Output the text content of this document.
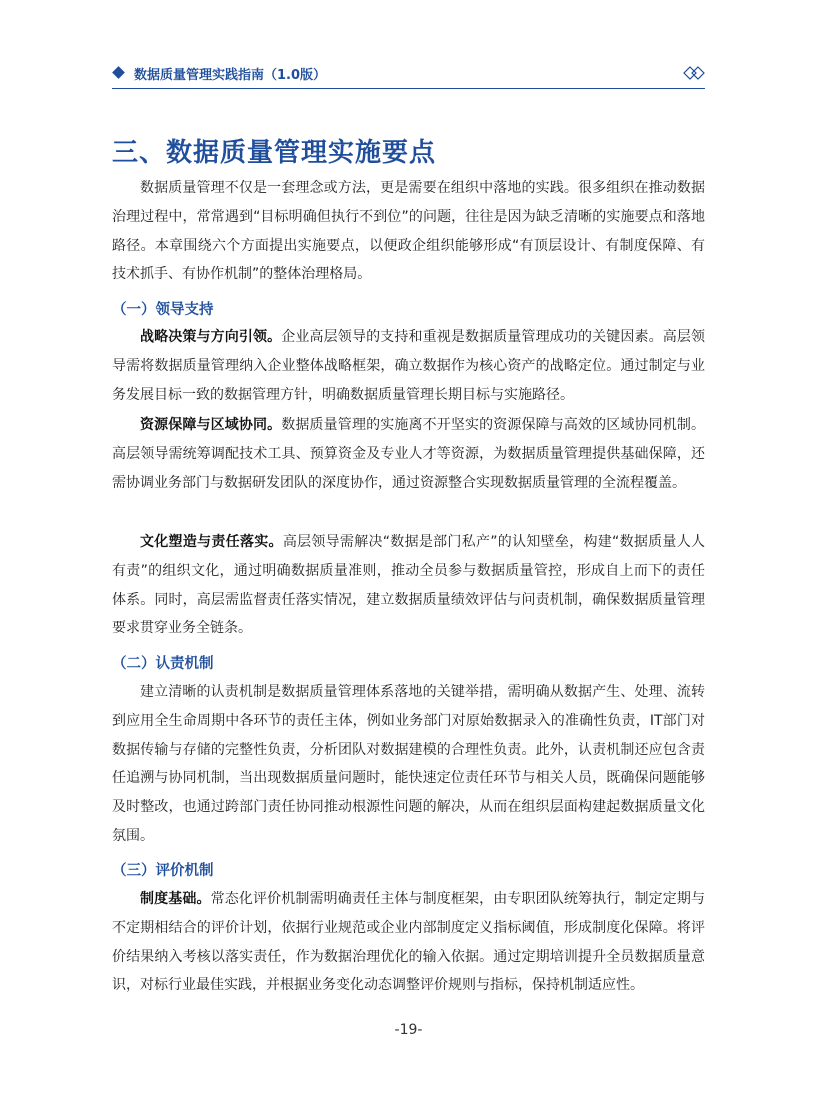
数据质量管理实践指南（1.0版）
三、数据质量管理实施要点

数据质量管理不仅是一套理念或方法，更是需要在组织中落地的实践。很多组织在推动数据治理过程中，常常遇到“目标明确但执行不到位”的问题，往往是因为缺乏清晰的实施要点和落地路径。本章围绕六个方面提出实施要点，以便政企组织能够形成“有顶层设计、有制度保障、有技术抓手、有协作机制”的整体治理格局。

（一）领导支持

战略决策与方向引领。企业高层领导的支持和重视是数据质量管理成功的关键因素。高层领导需将数据质量管理纳入企业整体战略框架，确立数据作为核心资产的战略定位。通过制定与业务发展目标一致的数据管理方针，明确数据质量管理长期目标与实施路径。

资源保障与区域协同。数据质量管理的实施离不开坚实的资源保障与高效的区域协同机制。高层领导需统筹调配技术工具、预算资金及专业人才等资源，为数据质量管理提供基础保障，还需协调业务部门与数据研发团队的深度协作，通过资源整合实现数据质量管理的全流程覆盖。

文化塑造与责任落实。高层领导需解决“数据是部门私产”的认知壁垒，构建“数据质量人人有责”的组织文化，通过明确数据质量准则，推动全员参与数据质量管控，形成自上而下的责任体系。同时，高层需监督责任落实情况，建立数据质量绩效评估与问责机制，确保数据质量管理要求贯穿业务全链条。

（二）认责机制

建立清晰的认责机制是数据质量管理体系落地的关键举措，需明确从数据产生、处理、流转到应用全生命周期中各环节的责任主体，例如业务部门对原始数据录入的准确性负责，IT部门对数据传输与存储的完整性负责，分析团队对数据建模的合理性负责。此外，认责机制还应包含责任追溯与协同机制，当出现数据质量问题时，能快速定位责任环节与相关人员，既确保问题能够及时整改，也通过跨部门责任协同推动根源性问题的解决，从而在组织层面构建起数据质量文化氛围。

（三）评价机制

制度基础。常态化评价机制需明确责任主体与制度框架，由专职团队统筹执行，制定定期与不定期相结合的评价计划，依据行业规范或企业内部制度定义指标阈值，形成制度化保障。将评价结果纳入考核以落实责任，作为数据治理优化的输入依据。通过定期培训提升全员数据质量意识，对标行业最佳实践，并根据业务变化动态调整评价规则与指标，保持机制适应性。

-19-
